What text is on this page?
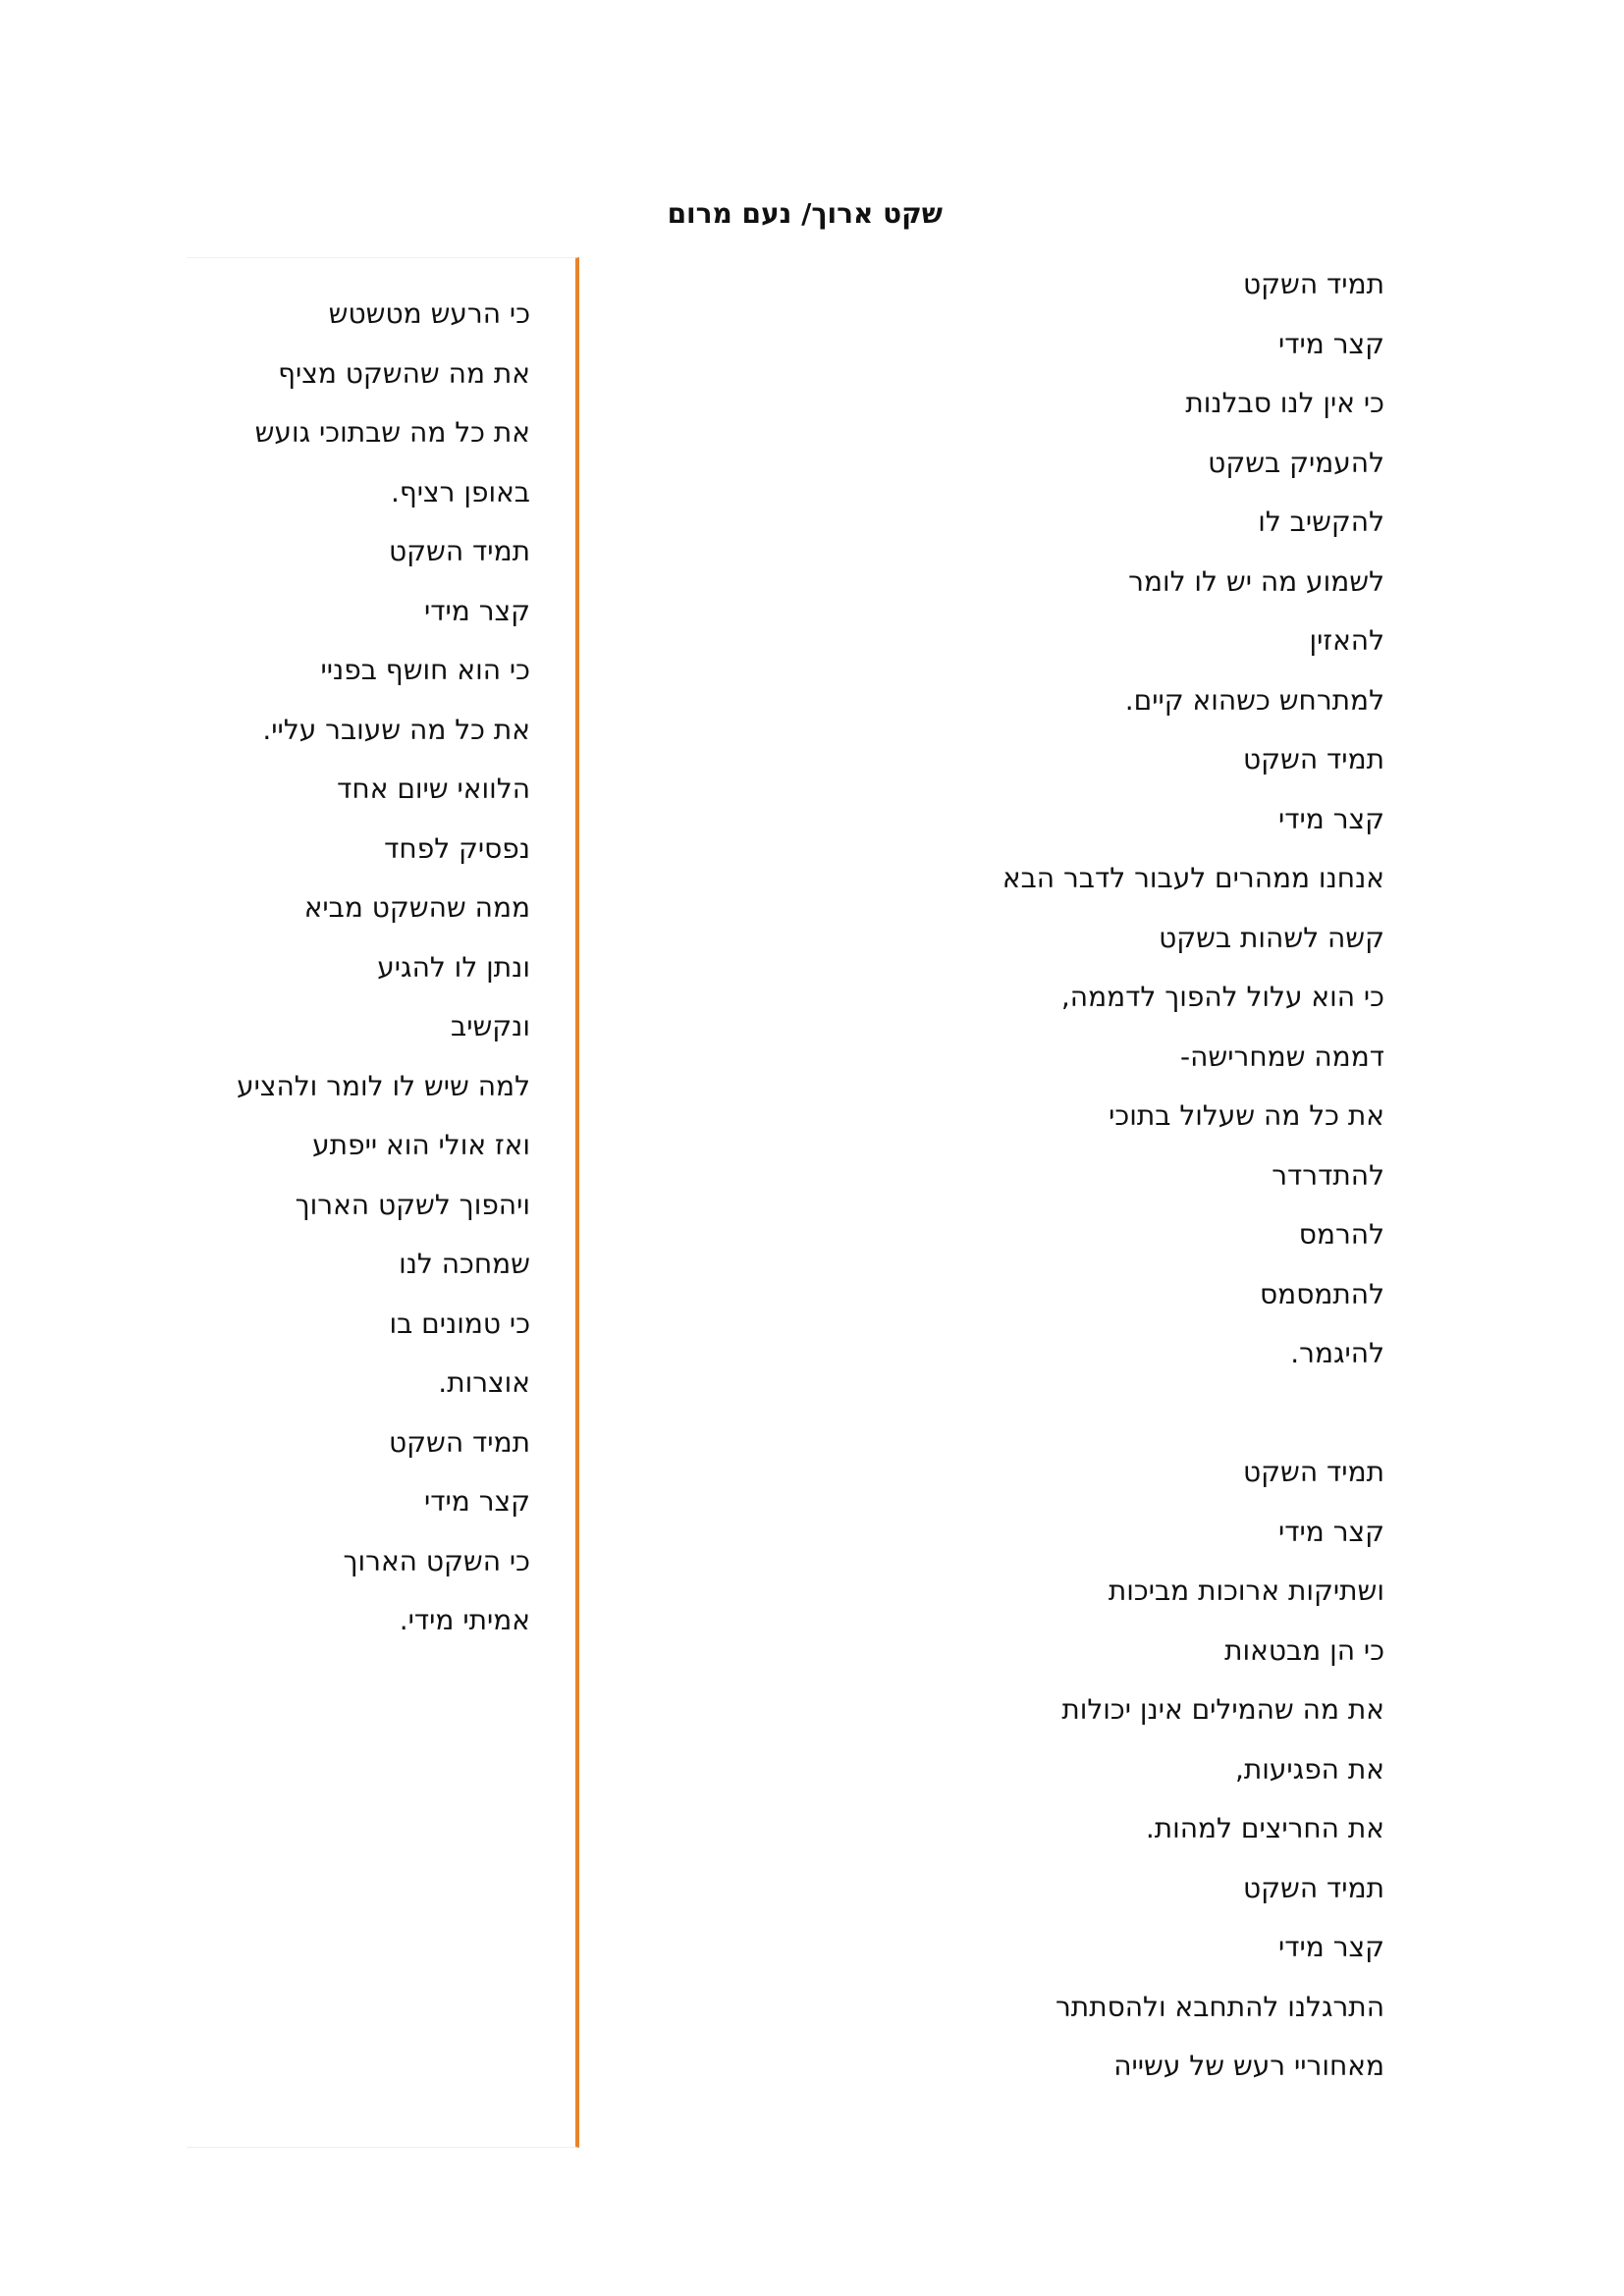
שקט ארוך/ נעם מרום
תמיד השקט
קצר מידי
כי אין לנו סבלנות
להעמיק בשקט
להקשיב לו
לשמוע מה יש לו לומר
להאזין
למתרחש כשהוא קיים.
תמיד השקט
קצר מידי
אנחנו ממהרים לעבור לדבר הבא
קשה לשהות בשקט
כי הוא עלול להפוך לדממה,
דממה שמחרישה-
את כל מה שעלול בתוכי
להתדרדר
להרמס
להתמסמס
להיגמר.
תמיד השקט
קצר מידי
ושתיקות ארוכות מביכות
כי הן מבטאות
את מה שהמילים אינן יכולות
את הפגיעות,
את החריצים למהות.
תמיד השקט
קצר מידי
התרגלנו להתחבא ולהסתתר
מאחוריי רעש של עשייה
כי הרעש מטשטש
את מה שהשקט מציף
את כל מה שבתוכי גועש
באופן רציף.
תמיד השקט
קצר מידי
כי הוא חושף בפניי
את כל מה שעובר עליי.
הלוואי שיום אחד
נפסיק לפחד
ממה שהשקט מביא
ונתן לו להגיע
ונקשיב
למה שיש לו לומר ולהציע
ואז אולי הוא ייפתע
ויהפוך לשקט הארוך
שמחכה לנו
כי טמונים בו
אוצרות.
תמיד השקט
קצר מידי
כי השקט הארוך
אמיתי מידי.
